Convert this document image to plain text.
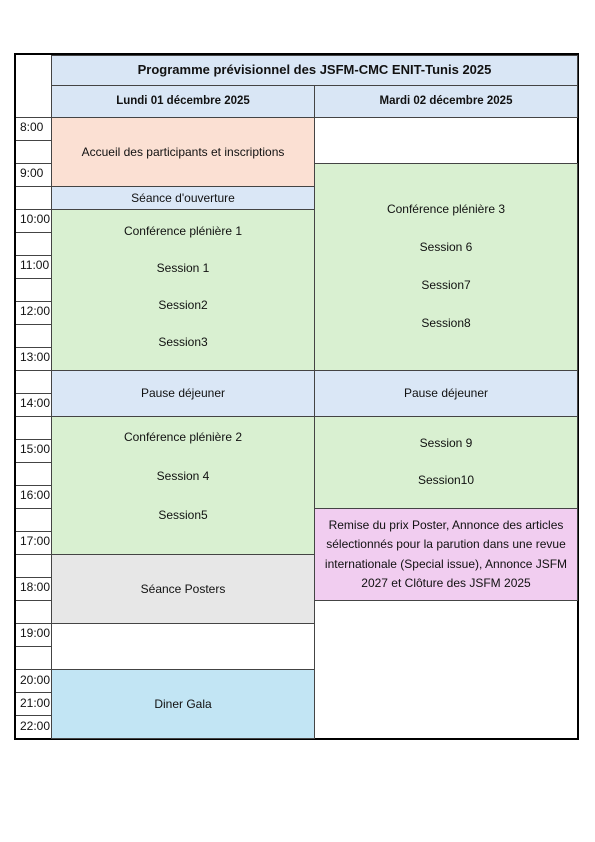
Programme prévisionnel des JSFM-CMC ENIT-Tunis 2025
Lundi 01 décembre 2025	Mardi 02 décembre 2025
8:00
9:00
10:00
11:00
12:00
13:00
14:00
15:00
16:00
17:00
18:00
19:00
20:00
21:00
22:00
Accueil des participants et inscriptions
Séance d'ouverture
Conférence plénière 1
Session 1
Session2
Session3
Pause déjeuner
Conférence plénière 2
Session 4
Session5
Séance Posters
Diner Gala
Conférence plénière 3
Session 6
Session7
Session8
Pause déjeuner
Session 9
Session10
Remise du prix Poster, Annonce des articles sélectionnés pour la parution dans une revue internationale (Special issue), Annonce JSFM 2027 et Clôture des JSFM 2025
